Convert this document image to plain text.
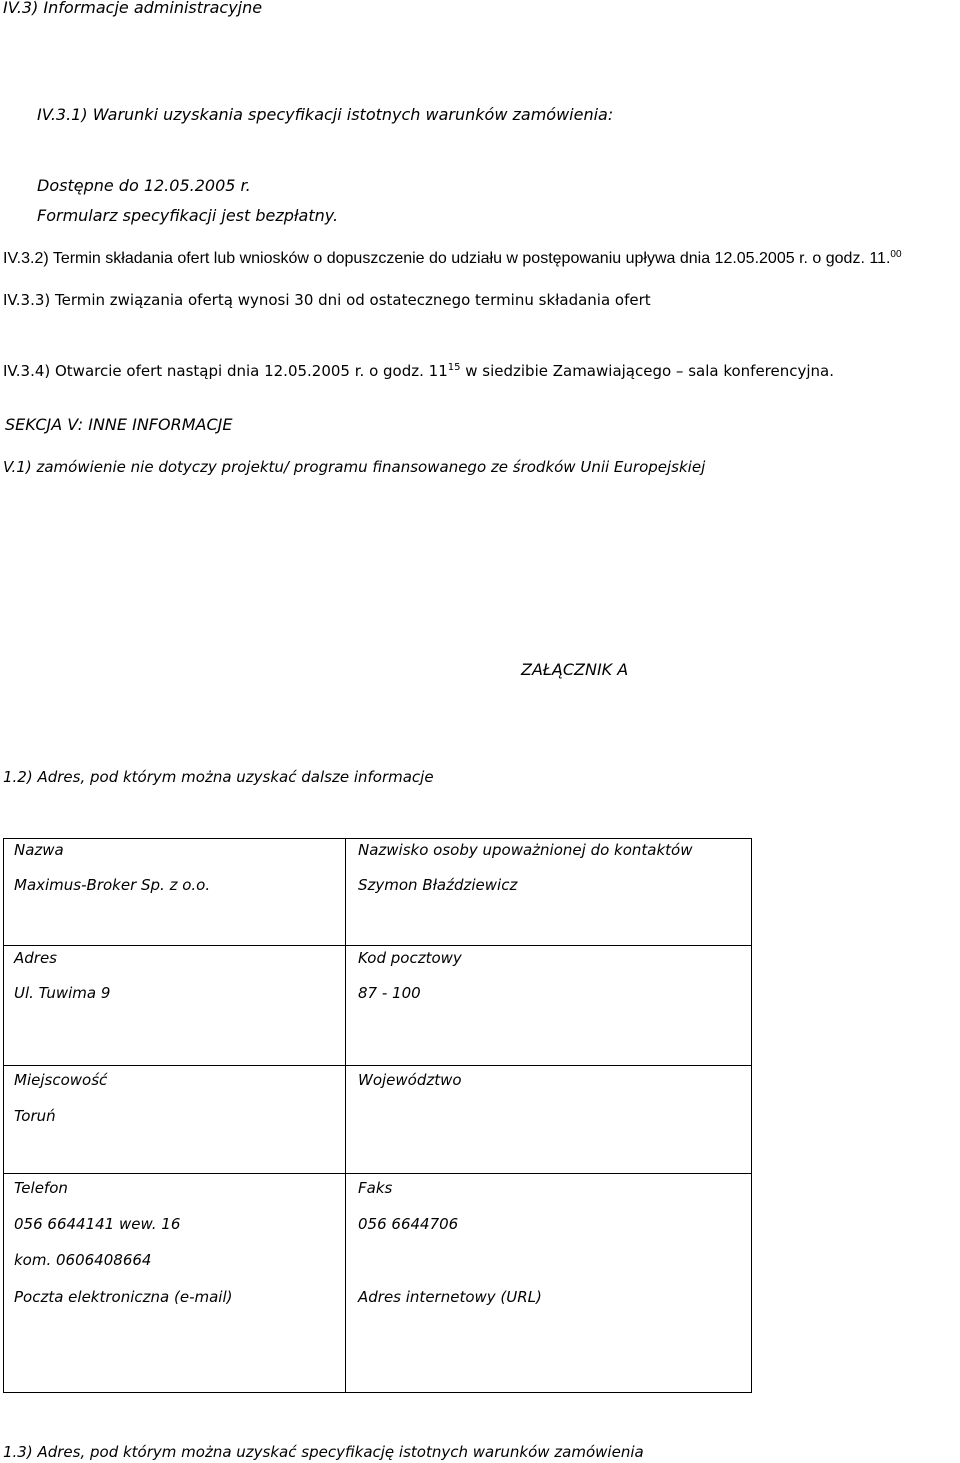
IV.3) Informacje administracyjne
IV.3.1) Warunki uzyskania specyfikacji istotnych warunków zamówienia:
Dostępne do 12.05.2005 r.
Formularz specyfikacji jest bezpłatny.
IV.3.2) Termin składania ofert lub wniosków o dopuszczenie do udziału w postępowaniu upływa dnia 12.05.2005 r. o godz. 11.00
IV.3.3) Termin związania ofertą wynosi 30 dni od ostatecznego terminu składania ofert
IV.3.4) Otwarcie ofert nastąpi dnia 12.05.2005 r. o godz. $11^{15}$ w siedzibie Zamawiającego – sala konferencyjna.
SEKCJA V: INNE INFORMACJE
V.1) zamówienie nie dotyczy projektu/ programu finansowanego ze środków Unii Europejskiej
ZAŁĄCZNIK A
1.2) Adres, pod którym można uzyskać dalsze informacje
Nazwa
Maximus-Broker Sp. z o.o.
Nazwisko osoby upoważnionej do kontaktów
Szymon Błaździewicz
Adres
Ul. Tuwima 9
Kod pocztowy
87 - 100
Miejscowość
Toruń
Województwo
Telefon
056 6644141 wew. 16
kom. 0606408664
Faks
056 6644706
Poczta elektroniczna (e-mail)	Adres internetowy (URL)
1.3) Adres, pod którym można uzyskać specyfikację istotnych warunków zamówienia
